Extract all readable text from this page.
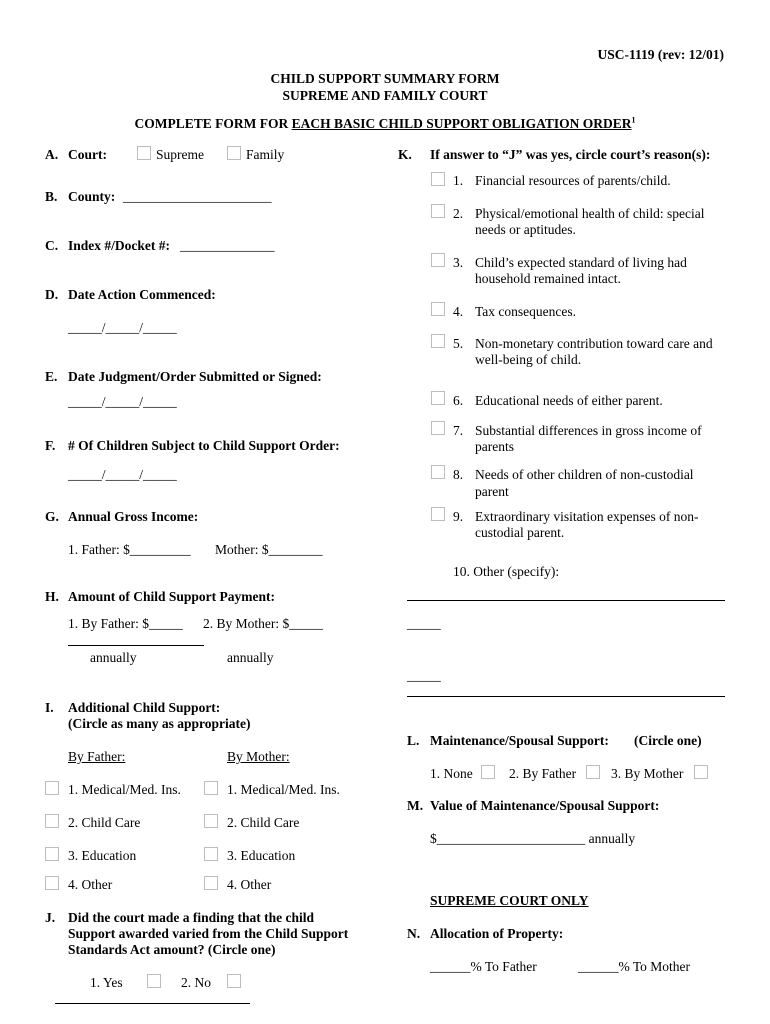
USC-1119 (rev: 12/01)
CHILD SUPPORT SUMMARY FORM
SUPREME AND FAMILY COURT
COMPLETE FORM FOR EACH BASIC CHILD SUPPORT OBLIGATION ORDER$^1$
A. Court:	Supreme	Family
B. County: ______________________
C. Index #/Docket #: ______________
D. Date Action Commenced:
_____/_____/_____
E. Date Judgment/Order Submitted or Signed:
_____/_____/_____
F. # Of Children Subject to Child Support Order:
_____/_____/_____
G. Annual Gross Income:
1. Father: $_________ Mother: $________
H. Amount of Child Support Payment:
1. By Father: $_____ 2. By Mother: $_____
annually	annually
I. Additional Child Support:
(Circle as many as appropriate)
By Father:	By Mother:
1. Medical/Med. Ins.	1. Medical/Med. Ins.
2. Child Care	2. Child Care
3. Education	3. Education
4. Other	4. Other
J. Did the court made a finding that the child
Support awarded varied from the Child Support
Standards Act amount? (Circle one)
1. Yes	2. No
K. If answer to “J” was yes, circle court’s reason(s):
1. Financial resources of parents/child.
2. Physical/emotional health of child: special
needs or aptitudes.
3. Child’s expected standard of living had
household remained intact.
4. Tax consequences.
5. Non-monetary contribution toward care and
well-being of child.
6. Educational needs of either parent.
7. Substantial differences in gross income of
parents
8. Needs of other children of non-custodial
parent
9. Extraordinary visitation expenses of non-
custodial parent.
10. Other (specify):
_____
_____
L. Maintenance/Spousal Support: (Circle one)
1. None	2. By Father	3. By Mother
M. Value of Maintenance/Spousal Support:
$______________________ annually
SUPREME COURT ONLY
N. Allocation of Property:
______% To Father	______% To Mother
